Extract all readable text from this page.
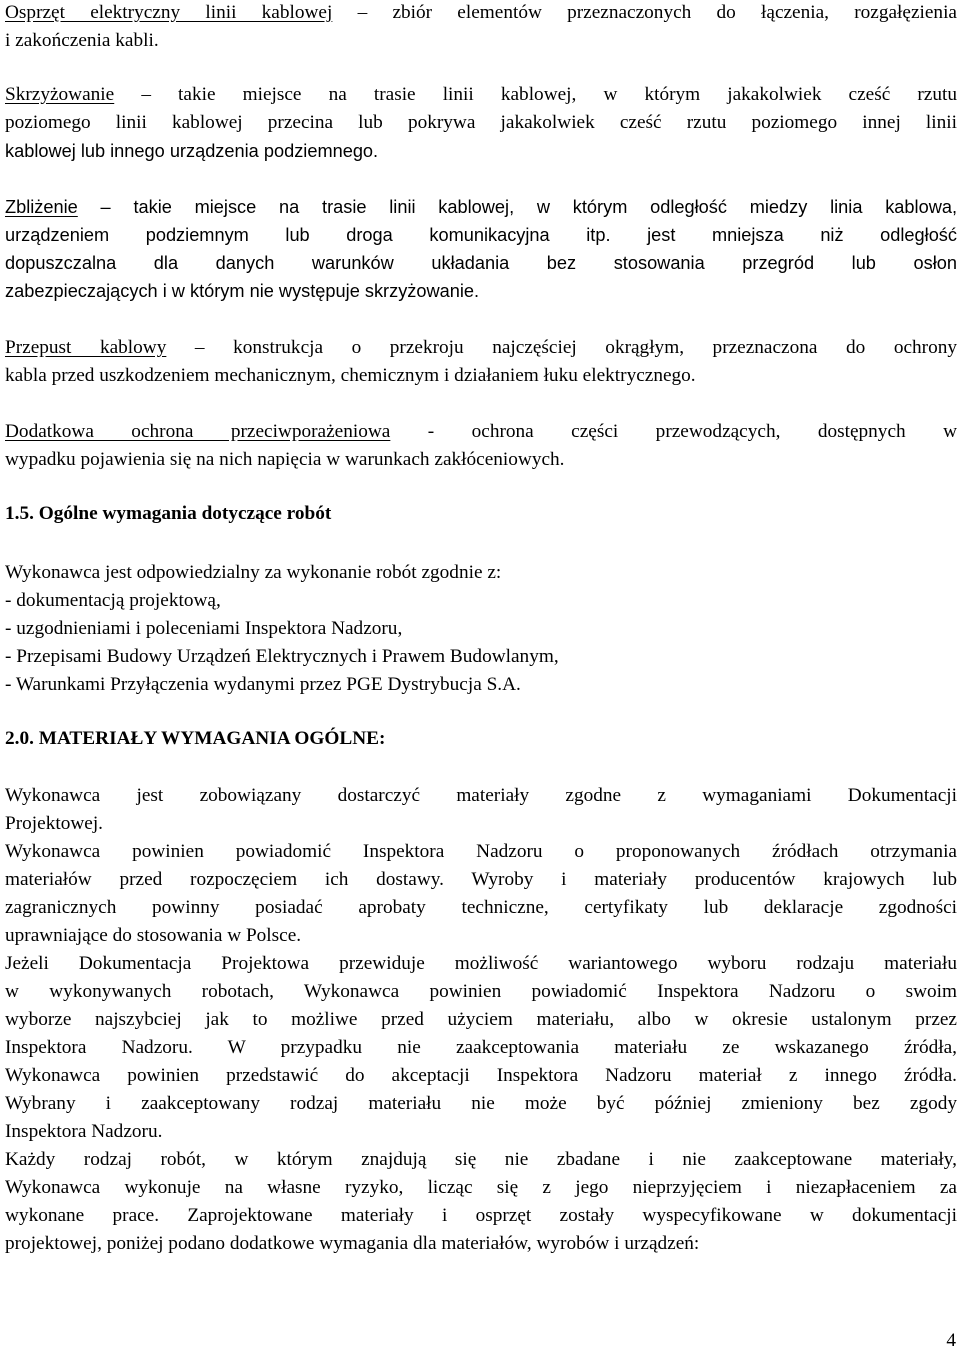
Osprzęt elektryczny linii kablowej – zbiór elementów przeznaczonych do łączenia, rozgałęzienia
i zakończenia kabli.
Skrzyżowanie – takie miejsce na trasie linii kablowej, w którym jakakolwiek cześć rzutu
poziomego linii kablowej przecina lub pokrywa jakakolwiek cześć rzutu poziomego innej linii
kablowej lub innego urządzenia podziemnego.
Zbliżenie – takie miejsce na trasie linii kablowej, w którym odległość miedzy linia kablowa,
urządzeniem podziemnym lub droga komunikacyjna itp. jest mniejsza niż odległość
dopuszczalna dla danych warunków układania bez stosowania przegród lub osłon
zabezpieczających i w którym nie występuje skrzyżowanie.
Przepust kablowy – konstrukcja o przekroju najczęściej okrągłym, przeznaczona do ochrony
kabla przed uszkodzeniem mechanicznym, chemicznym i działaniem łuku elektrycznego.
Dodatkowa ochrona przeciwporażeniowa - ochrona części przewodzących, dostępnych w
wypadku pojawienia się na nich napięcia w warunkach zakłóceniowych.
1.5. Ogólne wymagania dotyczące robót
Wykonawca jest odpowiedzialny za wykonanie robót zgodnie z:
- dokumentacją projektową,
- uzgodnieniami i poleceniami Inspektora Nadzoru,
- Przepisami Budowy Urządzeń Elektrycznych i Prawem Budowlanym,
- Warunkami Przyłączenia wydanymi przez PGE Dystrybucja S.A.
2.0. MATERIAŁY WYMAGANIA OGÓLNE:
Wykonawca jest zobowiązany dostarczyć materiały zgodne z wymaganiami Dokumentacji
Projektowej.
Wykonawca powinien powiadomić Inspektora Nadzoru o proponowanych źródłach otrzymania
materiałów przed rozpoczęciem ich dostawy. Wyroby i materiały producentów krajowych lub
zagranicznych powinny posiadać aprobaty techniczne, certyfikaty lub deklaracje zgodności
uprawniające do stosowania w Polsce.
Jeżeli Dokumentacja Projektowa przewiduje możliwość wariantowego wyboru rodzaju materiału
w wykonywanych robotach, Wykonawca powinien powiadomić Inspektora Nadzoru o swoim
wyborze najszybciej jak to możliwe przed użyciem materiału, albo w okresie ustalonym przez
Inspektora Nadzoru. W przypadku nie zaakceptowania materiału ze wskazanego źródła,
Wykonawca powinien przedstawić do akceptacji Inspektora Nadzoru materiał z innego źródła.
Wybrany i zaakceptowany rodzaj materiału nie może być później zmieniony bez zgody
Inspektora Nadzoru.
Każdy rodzaj robót, w którym znajdują się nie zbadane i nie zaakceptowane materiały,
Wykonawca wykonuje na własne ryzyko, licząc się z jego nieprzyjęciem i niezapłaceniem za
wykonane prace. Zaprojektowane materiały i osprzęt zostały wyspecyfikowane w dokumentacji
projektowej, poniżej podano dodatkowe wymagania dla materiałów, wyrobów i urządzeń:
4
